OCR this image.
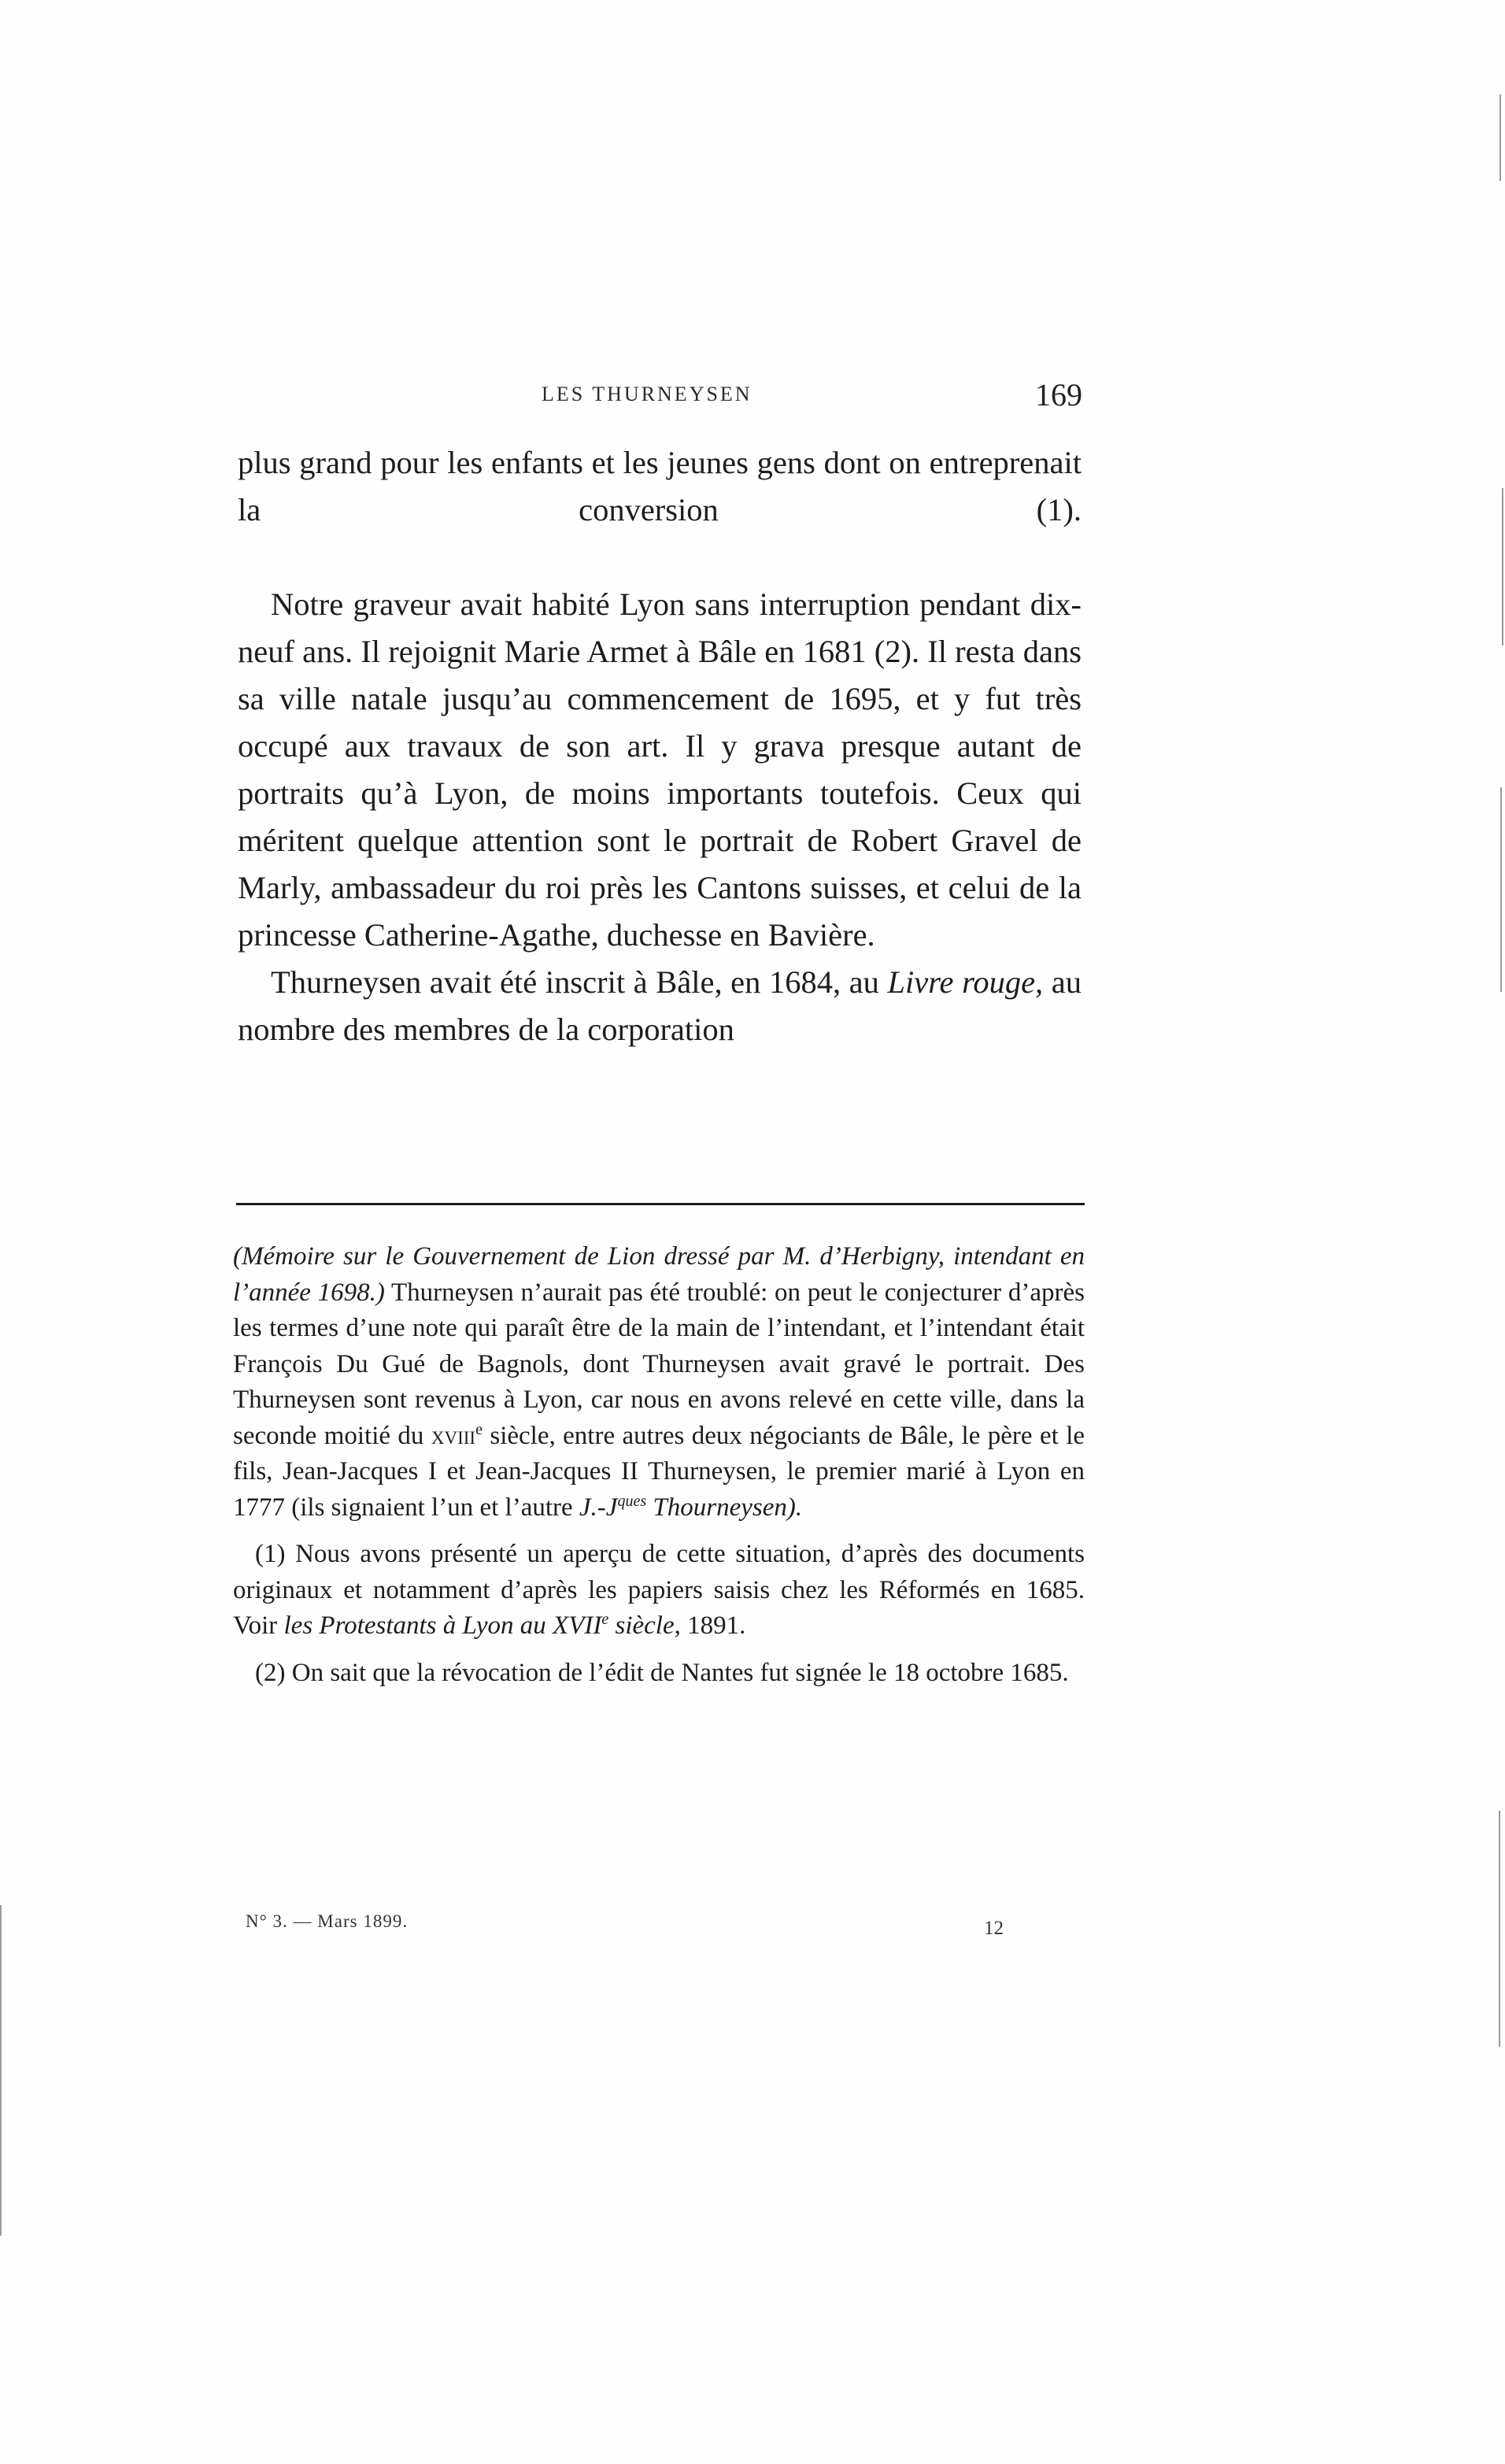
LES THURNEYSEN	169

plus grand pour les enfants et les jeunes gens dont on entreprenait la conversion (1).

Notre graveur avait habité Lyon sans interruption pendant dix-neuf ans. Il rejoignit Marie Armet à Bâle en 1681 (2). Il resta dans sa ville natale jusqu’au commencement de 1695, et y fut très occupé aux travaux de son art. Il y grava presque autant de portraits qu’à Lyon, de moins importants toutefois. Ceux qui méritent quelque attention sont le portrait de Robert Gravel de Marly, ambassadeur du roi près les Cantons suisses, et celui de la princesse Catherine-Agathe, duchesse en Bavière.

Thurneysen avait été inscrit à Bâle, en 1684, au Livre rouge, au nombre des membres de la corporation

(Mémoire sur le Gouvernement de Lion dressé par M. d’Herbigny, intendant en l’année 1698.) Thurneysen n’aurait pas été troublé: on peut le conjecturer d’après les termes d’une note qui paraît être de la main de l’intendant, et l’intendant était François Du Gué de Bagnols, dont Thurneysen avait gravé le portrait. Des Thurneysen sont revenus à Lyon, car nous en avons relevé en cette ville, dans la seconde moitié du xviii$^e$ siècle, entre autres deux négociants de Bâle, le père et le fils, Jean-Jacques I et Jean-Jacques II Thurneysen, le premier marié à Lyon en 1777 (ils signaient l’un et l’autre $J.-J^{ques}$ Thourneysen).

(1) Nous avons présenté un aperçu de cette situation, d’après des documents originaux et notamment d’après les papiers saisis chez les Réformés en 1685. Voir les Protestants à Lyon au XVIIe siècle, 1891.

(2) On sait que la révocation de l’édit de Nantes fut signée le 18 octobre 1685.

N° 3. — Mars 1899.	12
